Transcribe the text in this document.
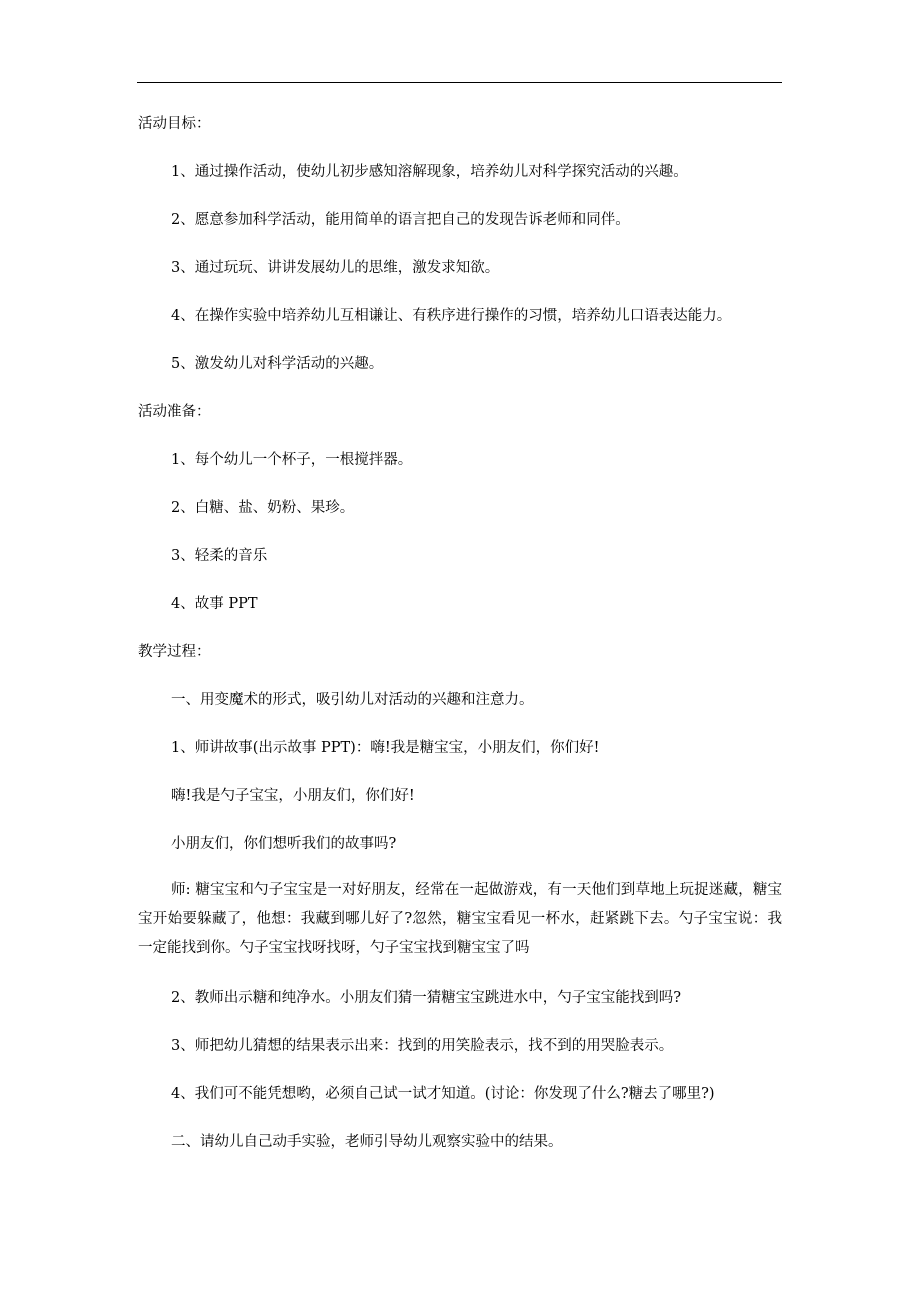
活动目标：
1、通过操作活动，使幼儿初步感知溶解现象，培养幼儿对科学探究活动的兴趣。
2、愿意参加科学活动，能用简单的语言把自己的发现告诉老师和同伴。
3、通过玩玩、讲讲发展幼儿的思维，激发求知欲。
4、在操作实验中培养幼儿互相谦让、有秩序进行操作的习惯，培养幼儿口语表达能力。
5、激发幼儿对科学活动的兴趣。
活动准备：
1、每个幼儿一个杯子，一根搅拌器。
2、白糖、盐、奶粉、果珍。
3、轻柔的音乐
4、故事 PPT
教学过程：
一、用变魔术的形式，吸引幼儿对活动的兴趣和注意力。
1、师讲故事(出示故事 PPT)：嗨!我是糖宝宝，小朋友们，你们好!
嗨!我是勺子宝宝，小朋友们，你们好!
小朋友们，你们想听我们的故事吗?
师: 糖宝宝和勺子宝宝是一对好朋友，经常在一起做游戏，有一天他们到草地上玩捉迷藏，糖宝宝开始要躲藏了，他想：我藏到哪儿好了?忽然，糖宝宝看见一杯水，赶紧跳下去。勺子宝宝说：我一定能找到你。勺子宝宝找呀找呀，勺子宝宝找到糖宝宝了吗
2、教师出示糖和纯净水。小朋友们猜一猜糖宝宝跳进水中，勺子宝宝能找到吗?
3、师把幼儿猜想的结果表示出来：找到的用笑脸表示，找不到的用哭脸表示。
4、我们可不能凭想哟，必须自己试一试才知道。(讨论：你发现了什么?糖去了哪里?)
二、请幼儿自己动手实验，老师引导幼儿观察实验中的结果。
